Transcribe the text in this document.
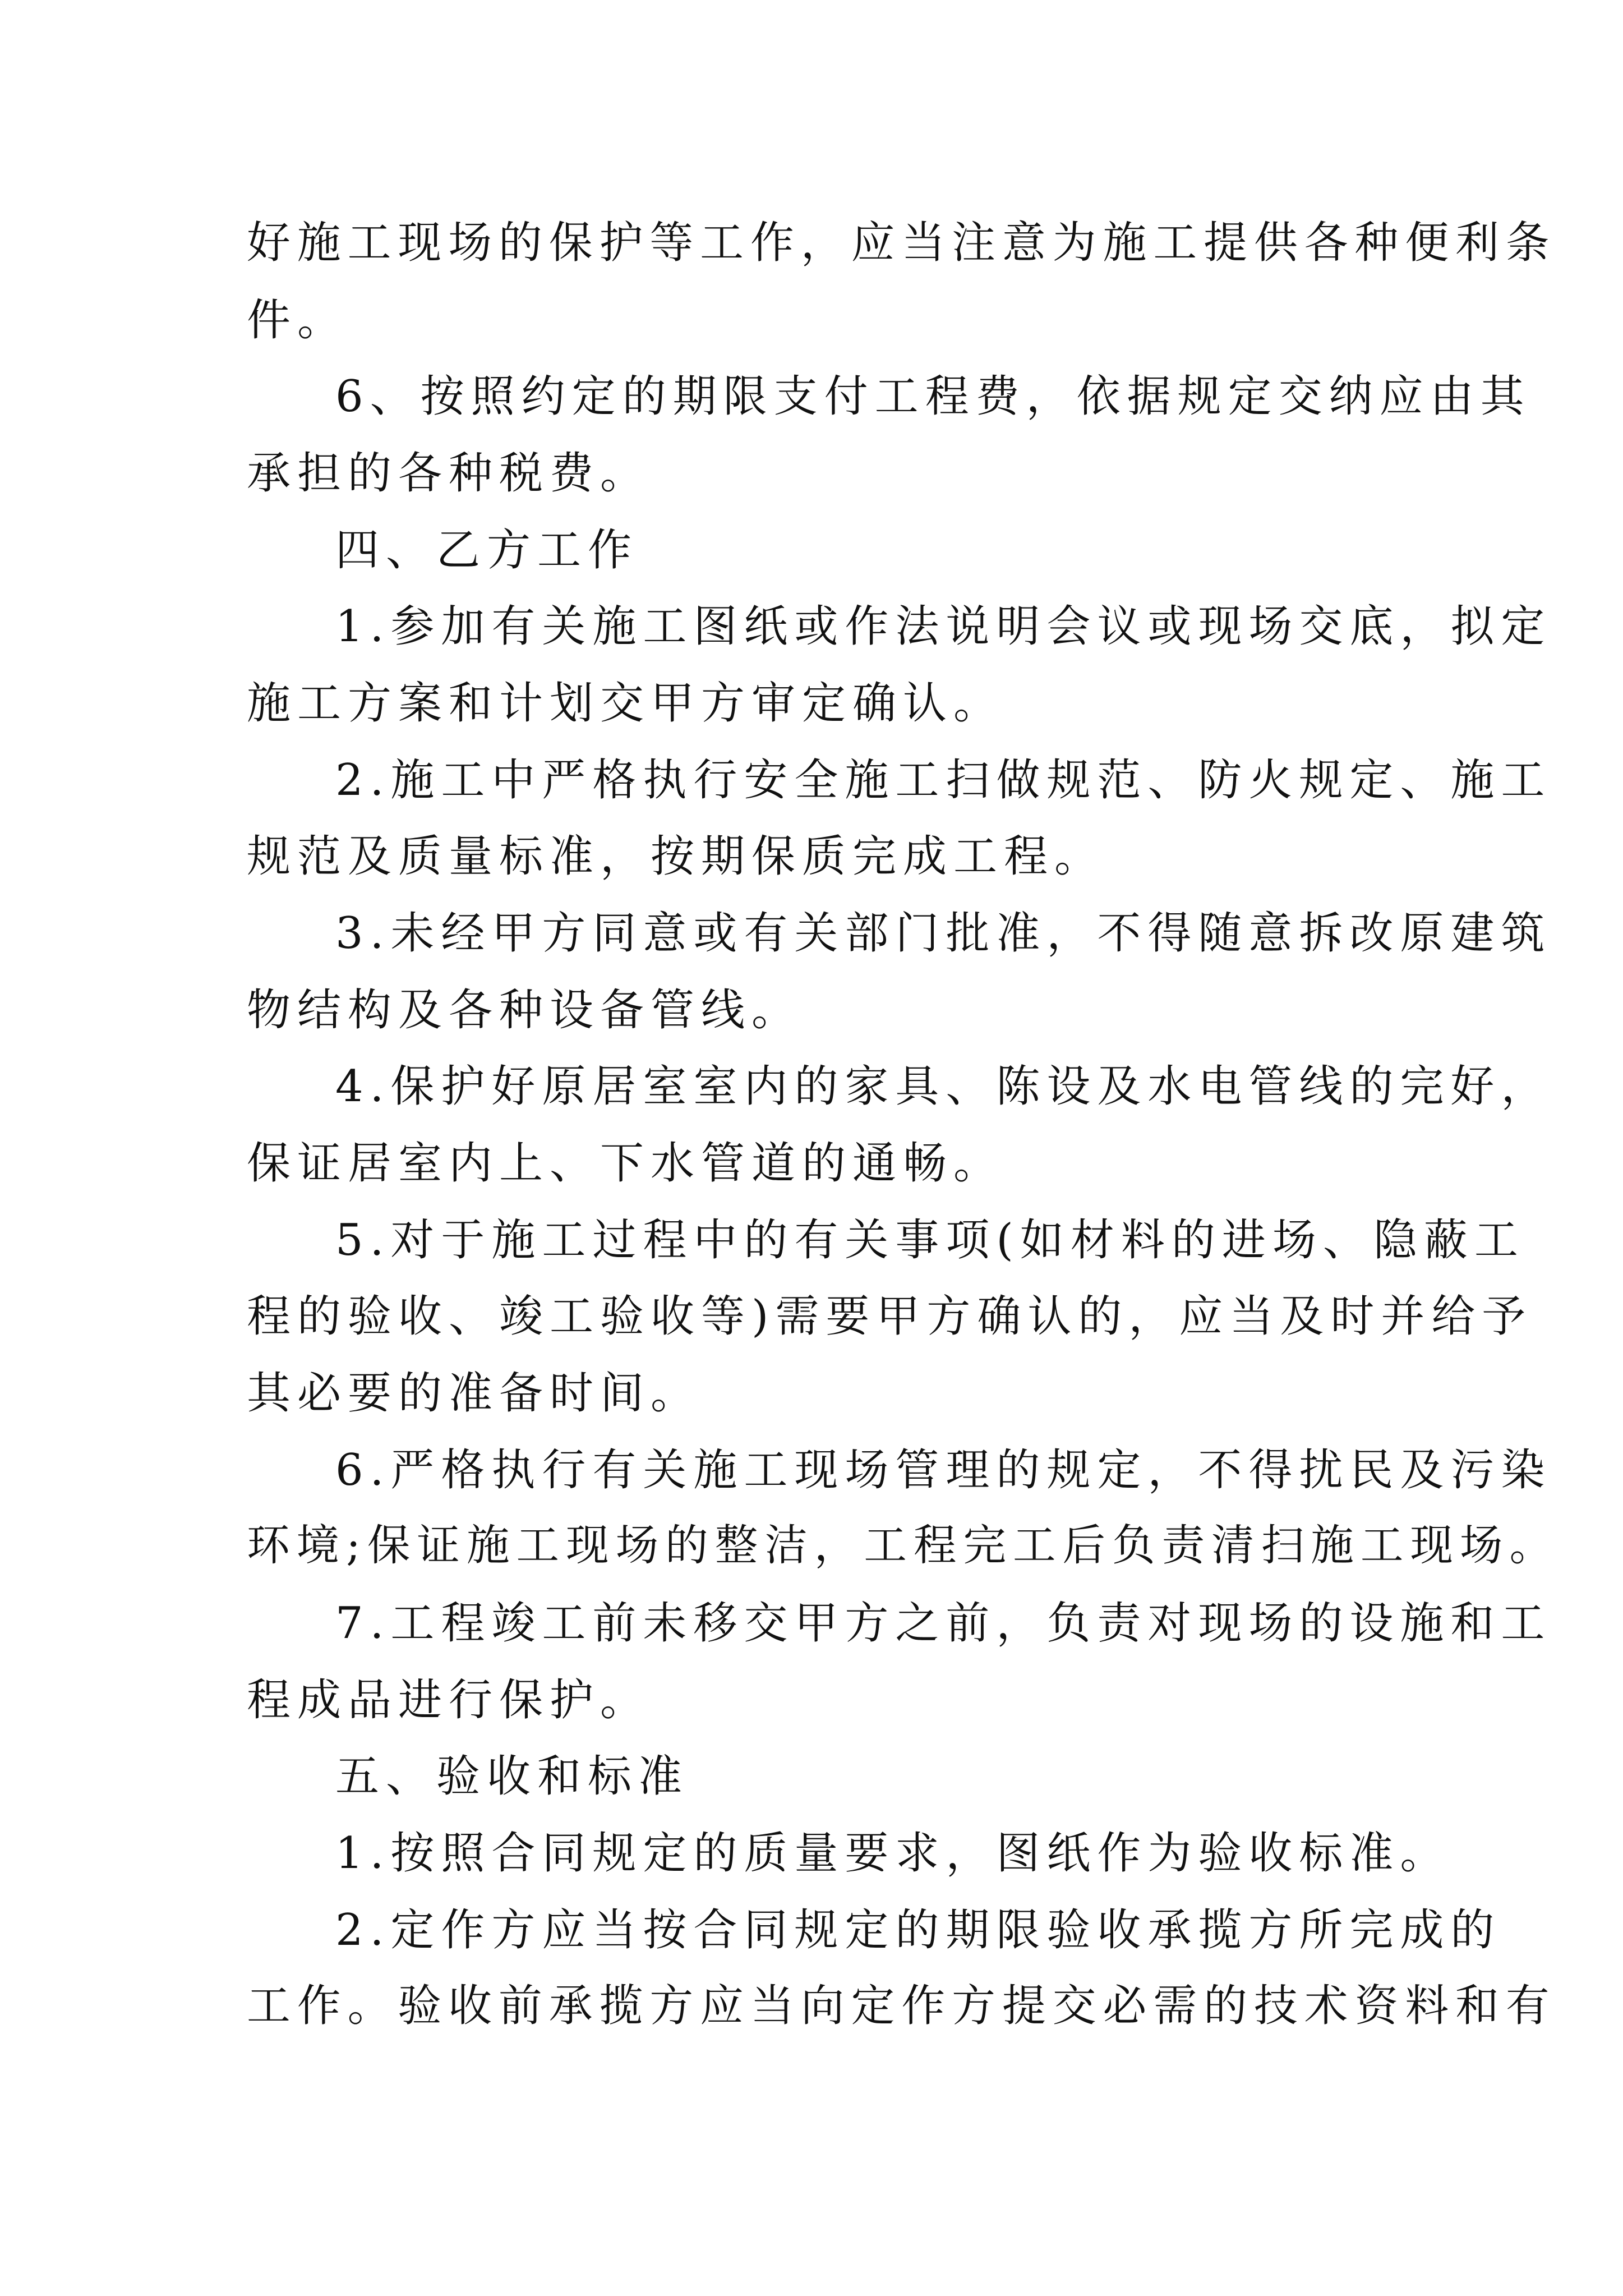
好施工现场的保护等工作，应当注意为施工提供各种便利条
件。
6、按照约定的期限支付工程费，依据规定交纳应由其
承担的各种税费。
四、乙方工作
1.参加有关施工图纸或作法说明会议或现场交底，拟定
施工方案和计划交甲方审定确认。
2.施工中严格执行安全施工扫做规范、防火规定、施工
规范及质量标准，按期保质完成工程。
3.未经甲方同意或有关部门批准，不得随意拆改原建筑
物结构及各种设备管线。
4.保护好原居室室内的家具、陈设及水电管线的完好，
保证居室内上、下水管道的通畅。
5.对于施工过程中的有关事项(如材料的进场、隐蔽工
程的验收、竣工验收等)需要甲方确认的，应当及时并给予
其必要的准备时间。
6.严格执行有关施工现场管理的规定，不得扰民及污染
环境;保证施工现场的整洁，工程完工后负责清扫施工现场。
7.工程竣工前未移交甲方之前，负责对现场的设施和工
程成品进行保护。
五、验收和标准
1.按照合同规定的质量要求，图纸作为验收标准。
2.定作方应当按合同规定的期限验收承揽方所完成的
工作。验收前承揽方应当向定作方提交必需的技术资料和有
